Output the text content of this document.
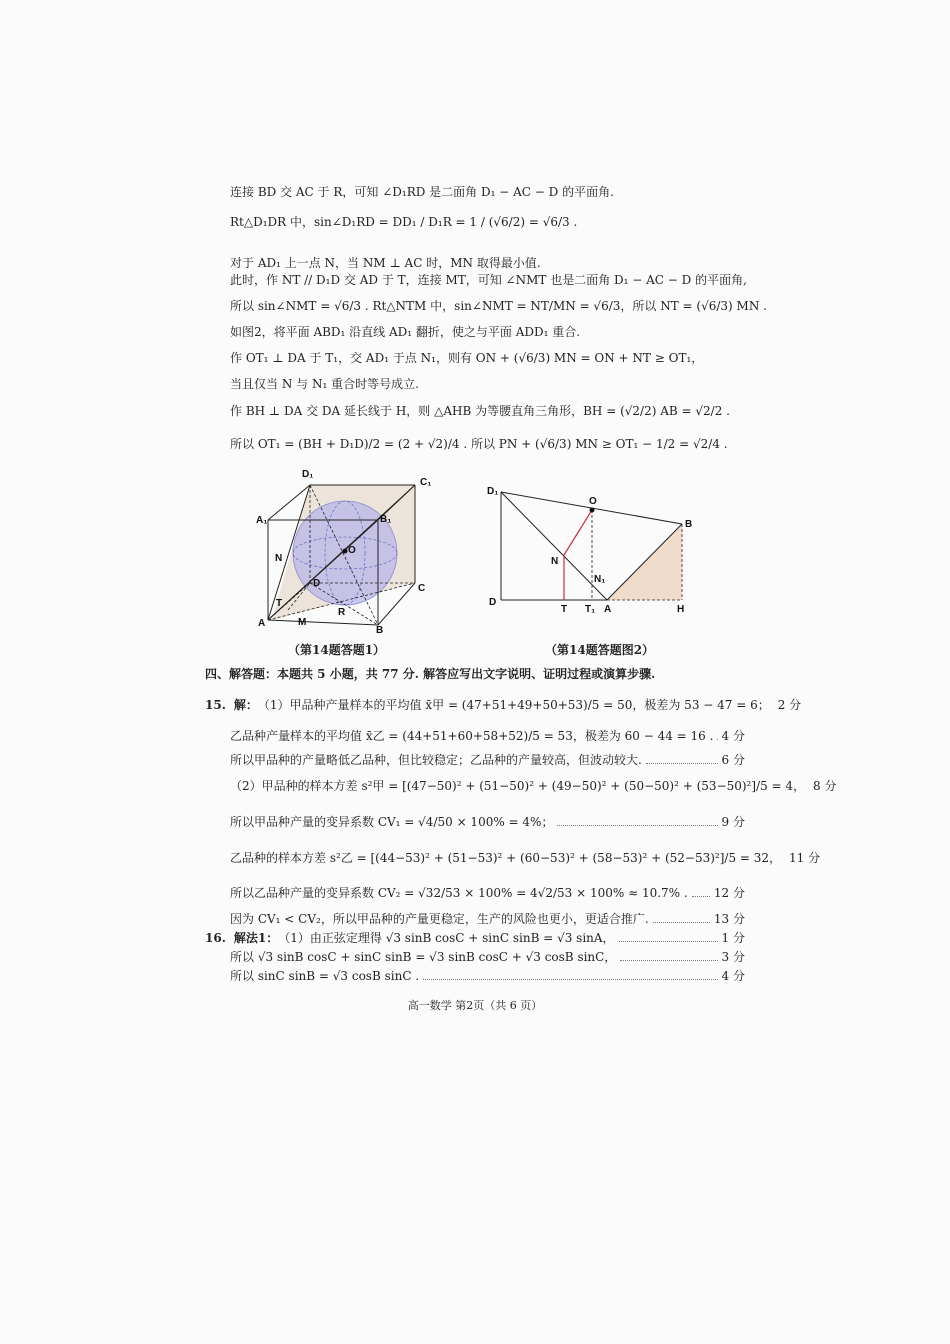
连接 BD 交 AC 于 R，可知 ∠D₁RD 是二面角 D₁ − AC − D 的平面角.
Rt△D₁DR 中，sin∠D₁RD = DD₁ / D₁R = 1 / (√6/2) = √6/3 .
对于 AD₁ 上一点 N，当 NM ⊥ AC 时，MN 取得最小值.
此时，作 NT // D₁D 交 AD 于 T，连接 MT，可知 ∠NMT 也是二面角 D₁ − AC − D 的平面角,
所以 sin∠NMT = √6/3 . Rt△NTM 中，sin∠NMT = NT/MN = √6/3，所以 NT = (√6/3) MN .
如图2，将平面 ABD₁ 沿直线 AD₁ 翻折，使之与平面 ADD₁ 重合.
作 OT₁ ⊥ DA 于 T₁，交 AD₁ 于点 N₁，则有 ON + (√6/3) MN = ON + NT ≥ OT₁，
当且仅当 N 与 N₁ 重合时等号成立.
作 BH ⊥ DA 交 DA 延长线于 H，则 △AHB 为等腰直角三角形，BH = (√2/2) AB = √2/2 .
所以 OT₁ = (BH + D₁D)/2 = (2 + √2)/4 . 所以 PN + (√6/3) MN ≥ OT₁ − 1/2 = √2/4 .
D₁
C₁
A₁	B₁
N
O
D	C
T
R
A	M
B
（第14题答题1）
D₁
O
B
N
N₁
D
T T₁ A	H
（第14题答题图2）
四、解答题：本题共 5 小题，共 77 分. 解答应写出文字说明、证明过程或演算步骤.
15. 解： （1）甲品种产量样本的平均值 x̄甲 = (47+51+49+50+53)/5 = 50，极差为 53 − 47 = 6； 2 分
乙品种产量样本的平均值 x̄乙 = (44+51+60+58+52)/5 = 53，极差为 60 − 44 = 16 . 4 分
所以甲品种的产量略低乙品种，但比较稳定；乙品种的产量较高，但波动较大.	6 分
（2）甲品种的样本方差 s²甲 = [(47−50)² + (51−50)² + (49−50)² + (50−50)² + (53−50)²]/5 = 4， 8 分
所以甲品种产量的变异系数 CV₁ = √4/50 × 100% = 4%；	9 分
乙品种的样本方差 s²乙 = [(44−53)² + (51−53)² + (60−53)² + (58−53)² + (52−53)²]/5 = 32， 11 分
所以乙品种产量的变异系数 CV₂ = √32/53 × 100% = 4√2/53 × 100% ≈ 10.7% . 12 分
因为 CV₁ < CV₂，所以甲品种的产量更稳定，生产的风险也更小，更适合推广.	13 分
16. 解法1： （1）由正弦定理得 √3 sinB cosC + sinC sinB = √3 sinA，	1 分
所以 √3 sinB cosC + sinC sinB = √3 sinB cosC + √3 cosB sinC，	3 分
所以 sinC sinB = √3 cosB sinC .	4 分
高一数学 第2页（共 6 页）
